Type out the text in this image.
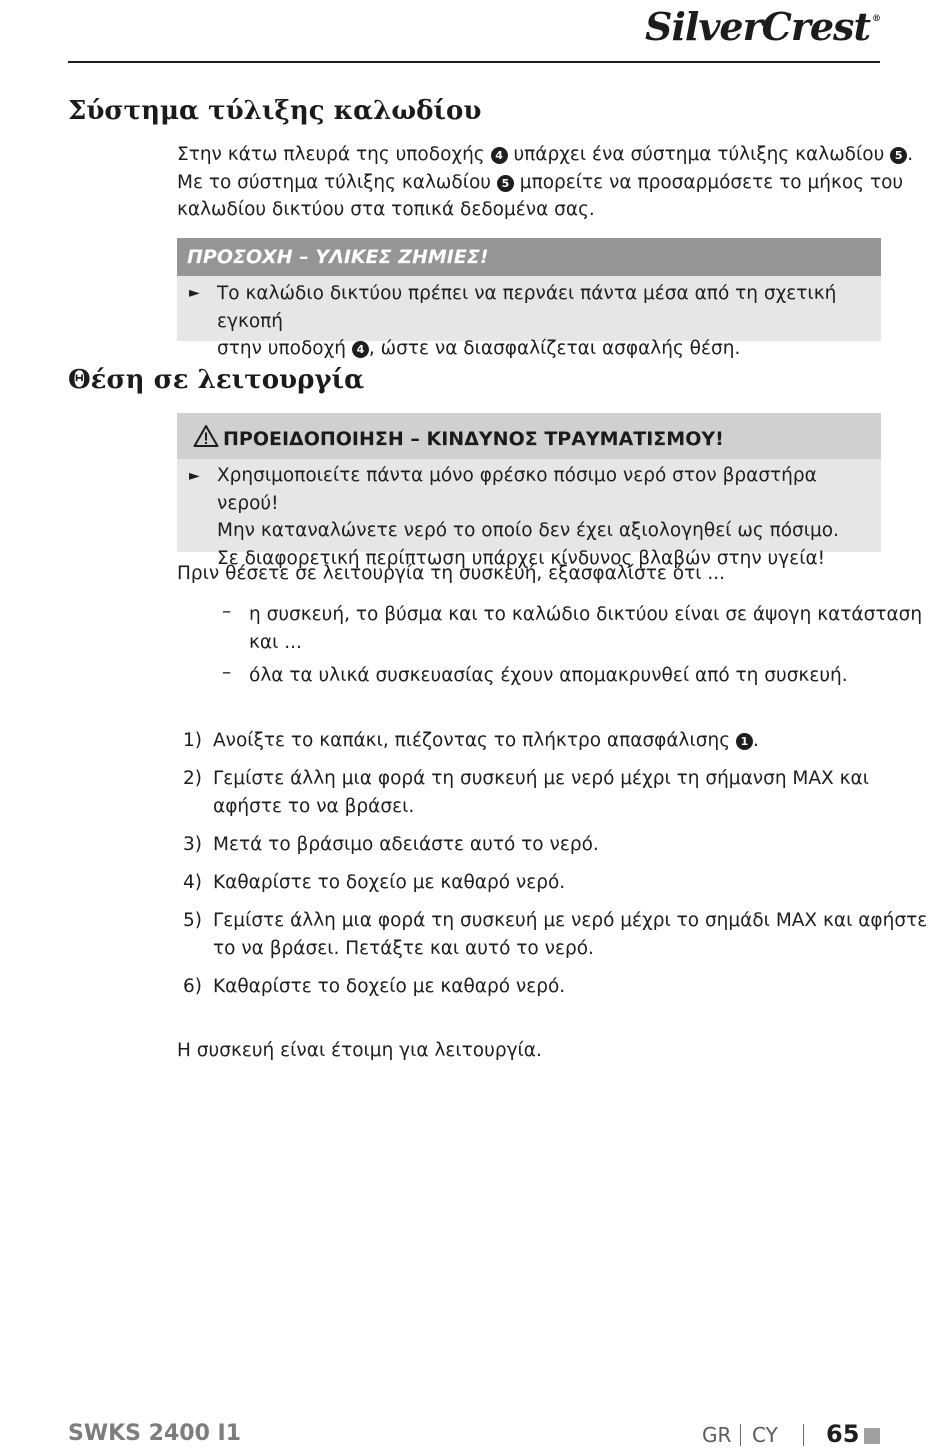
SilverCrest ®
Σύστημα τύλιξης καλωδίου
Στην κάτω πλευρά της υποδοχής 4 υπάρχει ένα σύστημα τύλιξης καλωδίου 5 .
Με το σύστημα τύλιξης καλωδίου 5 μπορείτε να προσαρμόσετε το μήκος του
καλωδίου δικτύου στα τοπικά δεδομένα σας.
ΠΡΟΣΟΧΗ – ΥΛΙΚΕΣ ΖΗΜΙΕΣ!
► Το καλώδιο δικτύου πρέπει να περνάει πάντα μέσα από τη σχετική εγκοπή
στην υποδοχή 4 , ώστε να διασφαλίζεται ασφαλής θέση.
Θέση σε λειτουργία
ΠΡΟΕΙΔΟΠΟΙΗΣΗ – ΚΙΝΔΥΝΟΣ ΤΡΑΥΜΑΤΙΣΜΟΥ!
► Χρησιμοποιείτε πάντα μόνο φρέσκο πόσιμο νερό στον βραστήρα νερού!
Μην καταναλώνετε νερό το οποίο δεν έχει αξιολογηθεί ως πόσιμο.
Σε διαφορετική περίπτωση υπάρχει κίνδυνος βλαβών στην υγεία!
Πριν θέσετε σε λειτουργία τη συσκευή, εξασφαλίστε ότι ...
– η συσκευή, το βύσμα και το καλώδιο δικτύου είναι σε άψογη κατάσταση
και ...
– όλα τα υλικά συσκευασίας έχουν απομακρυνθεί από τη συσκευή.
1) Ανοίξτε το καπάκι, πιέζοντας το πλήκτρο απασφάλισης 1 .
2) Γεμίστε άλλη μια φορά τη συσκευή με νερό μέχρι τη σήμανση MAX και
αφήστε το να βράσει.
3) Μετά το βράσιμο αδειάστε αυτό το νερό.
4) Καθαρίστε το δοχείο με καθαρό νερό.
5) Γεμίστε άλλη μια φορά τη συσκευή με νερό μέχρι το σημάδι MAX και αφήστε
το να βράσει. Πετάξτε και αυτό το νερό.
6) Καθαρίστε το δοχείο με καθαρό νερό.
Η συσκευή είναι έτοιμη για λειτουργία.
SWKS 2400 I1	GR CY 65
